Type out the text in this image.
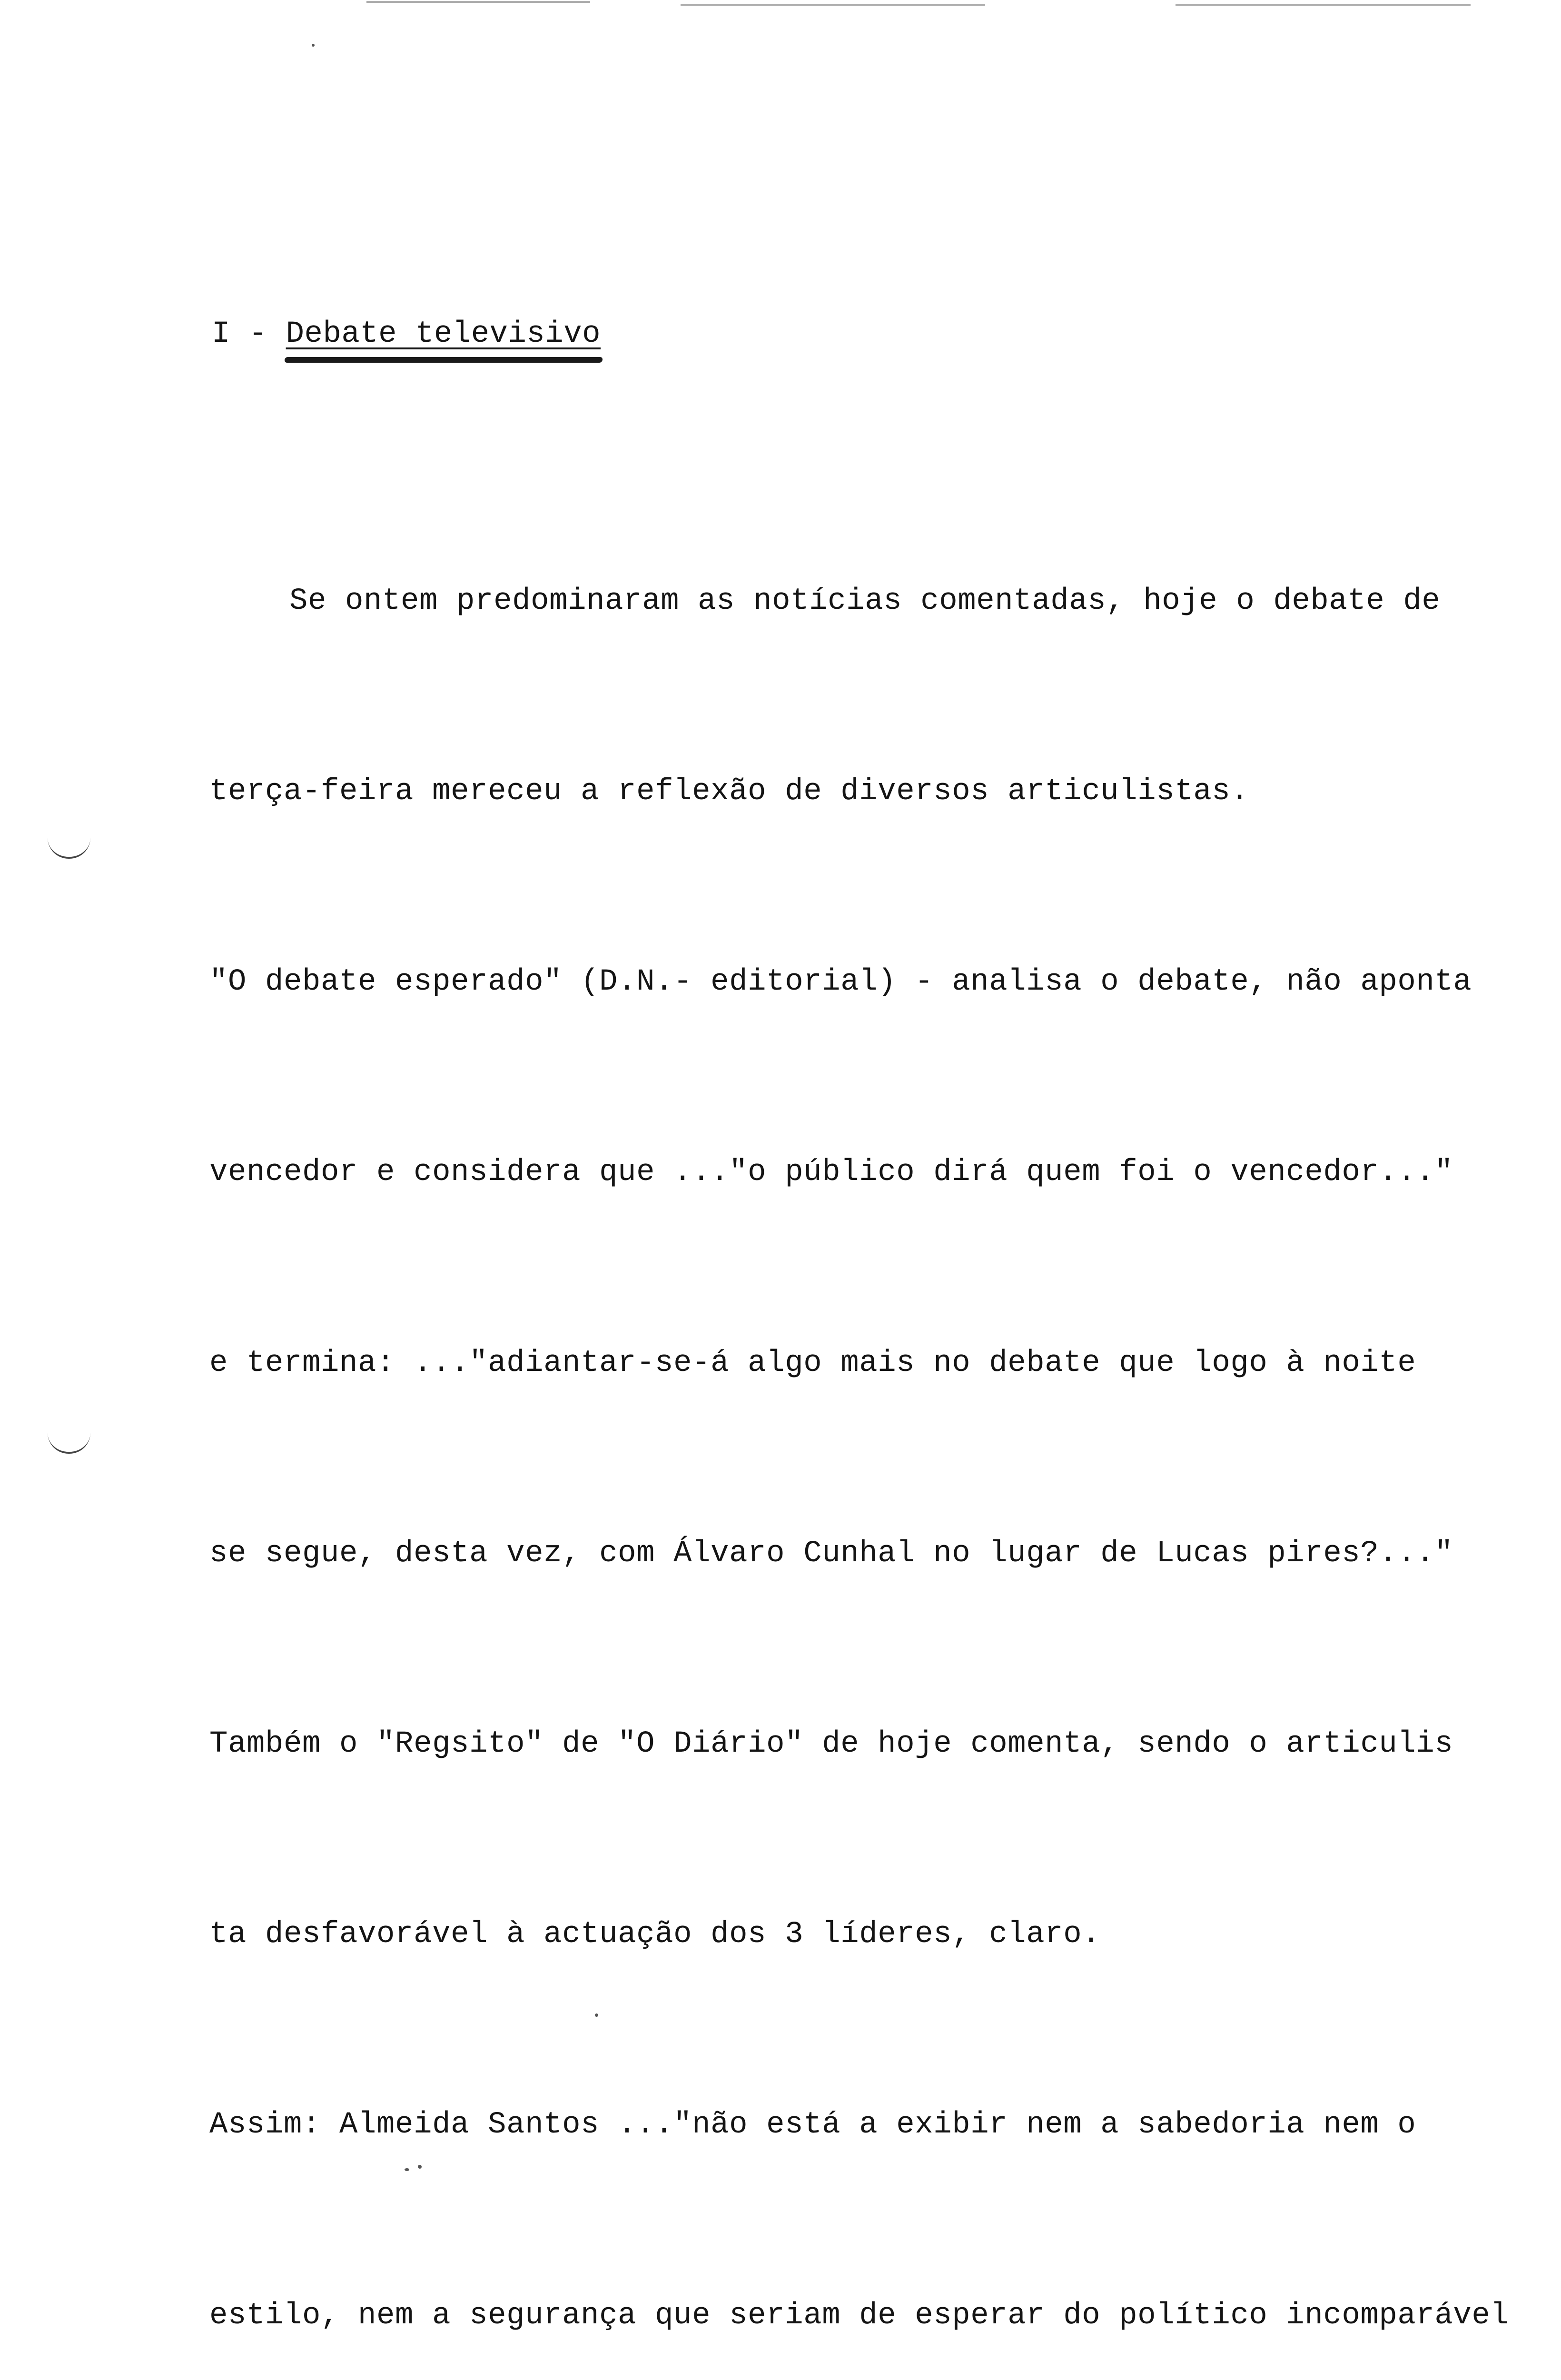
I - Debate televisivo

Se ontem predominaram as notícias comentadas, hoje o debate de

terça-feira mereceu a reflexão de diversos articulistas.

"O debate esperado" (D.N.- editorial) - analisa o debate, não aponta

vencedor e considera que ..."o público dirá quem foi o vencedor..."

e termina: ..."adiantar-se-á algo mais no debate que logo à noite

se segue, desta vez, com Álvaro Cunhal no lugar de Lucas pires?..."

Também o "Regsito" de "O Diário" de hoje comenta, sendo o articulis

ta desfavorável à actuação dos 3 líderes, claro.

Assim: Almeida Santos ..."não está a exibir nem a sabedoria nem o

estilo, nem a segurança que seriam de esperar do político incomparável
